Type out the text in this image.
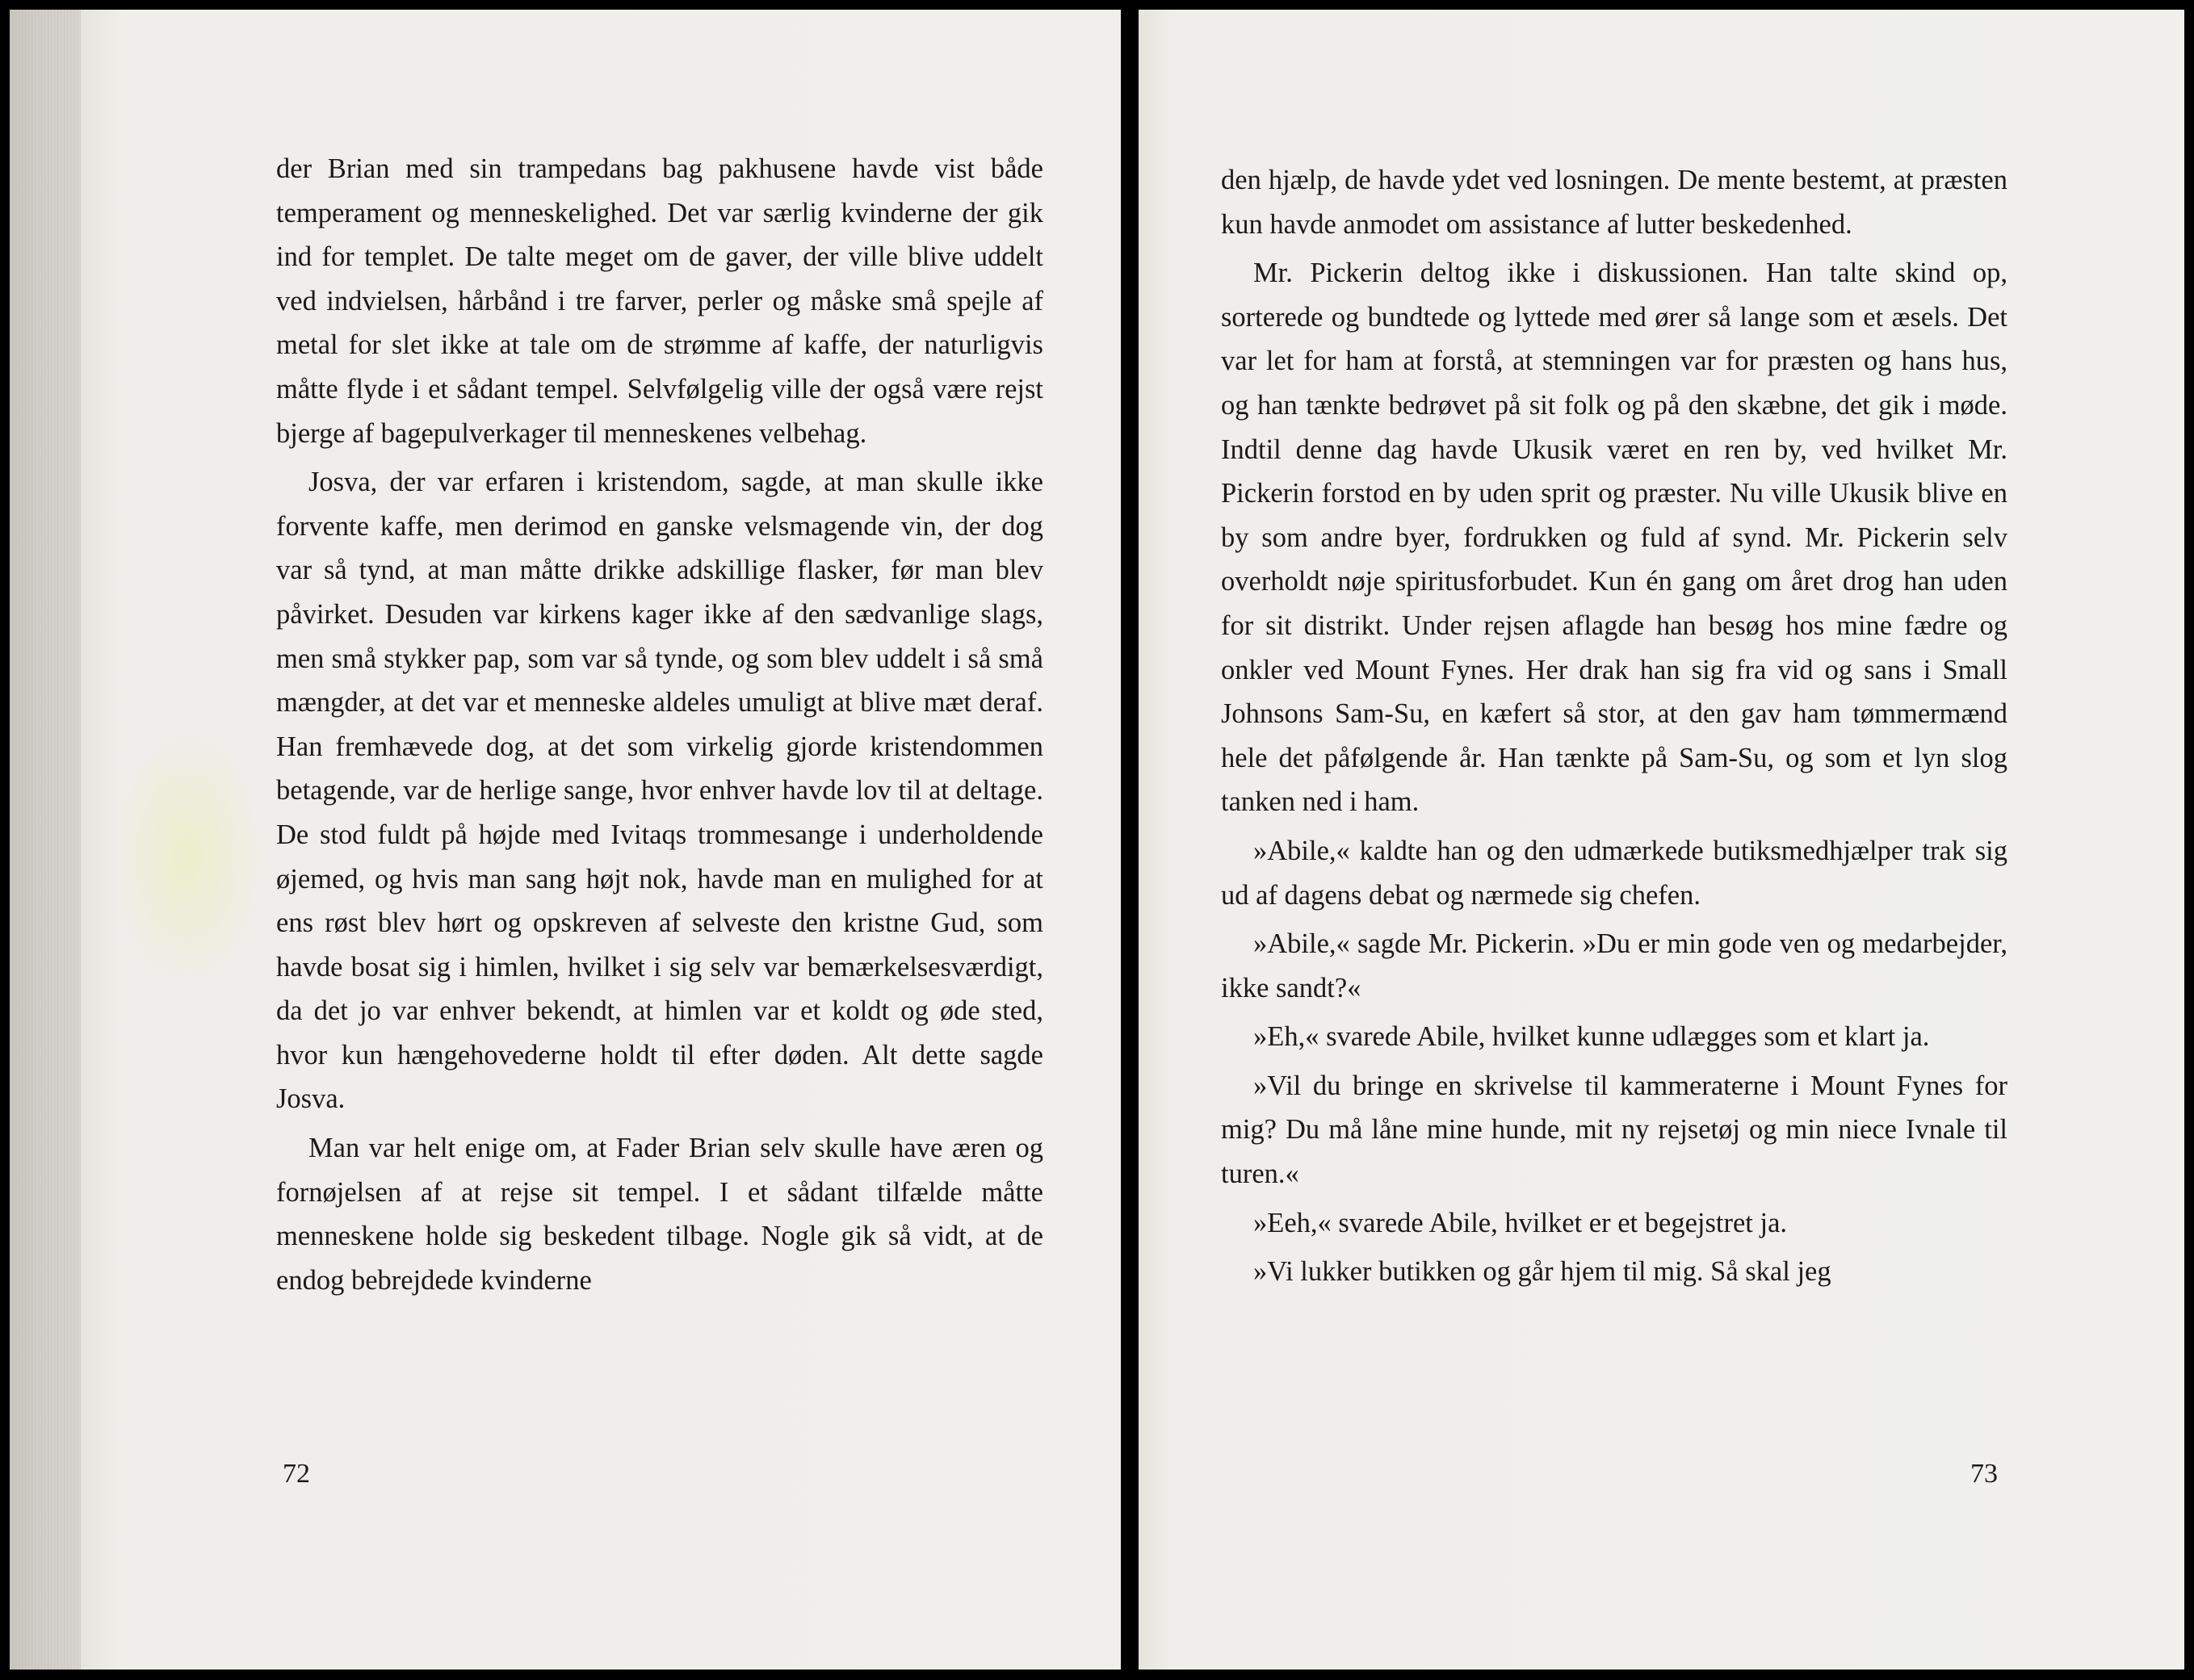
der Brian med sin trampedans bag pakhusene havde vist både temperament og menneskelighed. Det var særlig kvinderne der gik ind for templet. De talte meget om de gaver, der ville blive uddelt ved indvielsen, hårbånd i tre farver, perler og måske små spejle af metal for slet ikke at tale om de strømme af kaffe, der naturligvis måtte flyde i et sådant tempel. Selvfølgelig ville der også være rejst bjerge af bagepulverkager til menneskenes velbehag.

Josva, der var erfaren i kristendom, sagde, at man skulle ikke forvente kaffe, men derimod en ganske velsmagende vin, der dog var så tynd, at man måtte drikke adskillige flasker, før man blev påvirket. Desuden var kirkens kager ikke af den sædvanlige slags, men små stykker pap, som var så tynde, og som blev uddelt i så små mængder, at det var et menneske aldeles umuligt at blive mæt deraf. Han fremhævede dog, at det som virkelig gjorde kristendommen betagende, var de herlige sange, hvor enhver havde lov til at deltage. De stod fuldt på højde med Ivitaqs trommesange i underholdende øjemed, og hvis man sang højt nok, havde man en mulighed for at ens røst blev hørt og opskreven af selveste den kristne Gud, som havde bosat sig i himlen, hvilket i sig selv var bemærkelsesværdigt, da det jo var enhver bekendt, at himlen var et koldt og øde sted, hvor kun hængehovederne holdt til efter døden. Alt dette sagde Josva.

Man var helt enige om, at Fader Brian selv skulle have æren og fornøjelsen af at rejse sit tempel. I et sådant tilfælde måtte menneskene holde sig beskedent tilbage. Nogle gik så vidt, at de endog bebrejdede kvinderne

72

den hjælp, de havde ydet ved losningen. De mente bestemt, at præsten kun havde anmodet om assistance af lutter beskedenhed.

Mr. Pickerin deltog ikke i diskussionen. Han talte skind op, sorterede og bundtede og lyttede med ører så lange som et æsels. Det var let for ham at forstå, at stemningen var for præsten og hans hus, og han tænkte bedrøvet på sit folk og på den skæbne, det gik i møde. Indtil denne dag havde Ukusik været en ren by, ved hvilket Mr. Pickerin forstod en by uden sprit og præster. Nu ville Ukusik blive en by som andre byer, fordrukken og fuld af synd. Mr. Pickerin selv overholdt nøje spiritusforbudet. Kun én gang om året drog han uden for sit distrikt. Under rejsen aflagde han besøg hos mine fædre og onkler ved Mount Fynes. Her drak han sig fra vid og sans i Small Johnsons Sam-Su, en kæfert så stor, at den gav ham tømmermænd hele det påfølgende år. Han tænkte på Sam-Su, og som et lyn slog tanken ned i ham.

»Abile,« kaldte han og den udmærkede butiksmedhjælper trak sig ud af dagens debat og nærmede sig chefen.

»Abile,« sagde Mr. Pickerin. »Du er min gode ven og medarbejder, ikke sandt?«

»Eh,« svarede Abile, hvilket kunne udlægges som et klart ja.

»Vil du bringe en skrivelse til kammeraterne i Mount Fynes for mig? Du må låne mine hunde, mit ny rejsetøj og min niece Ivnale til turen.«

»Eeh,« svarede Abile, hvilket er et begejstret ja.

»Vi lukker butikken og går hjem til mig. Så skal jeg

73
